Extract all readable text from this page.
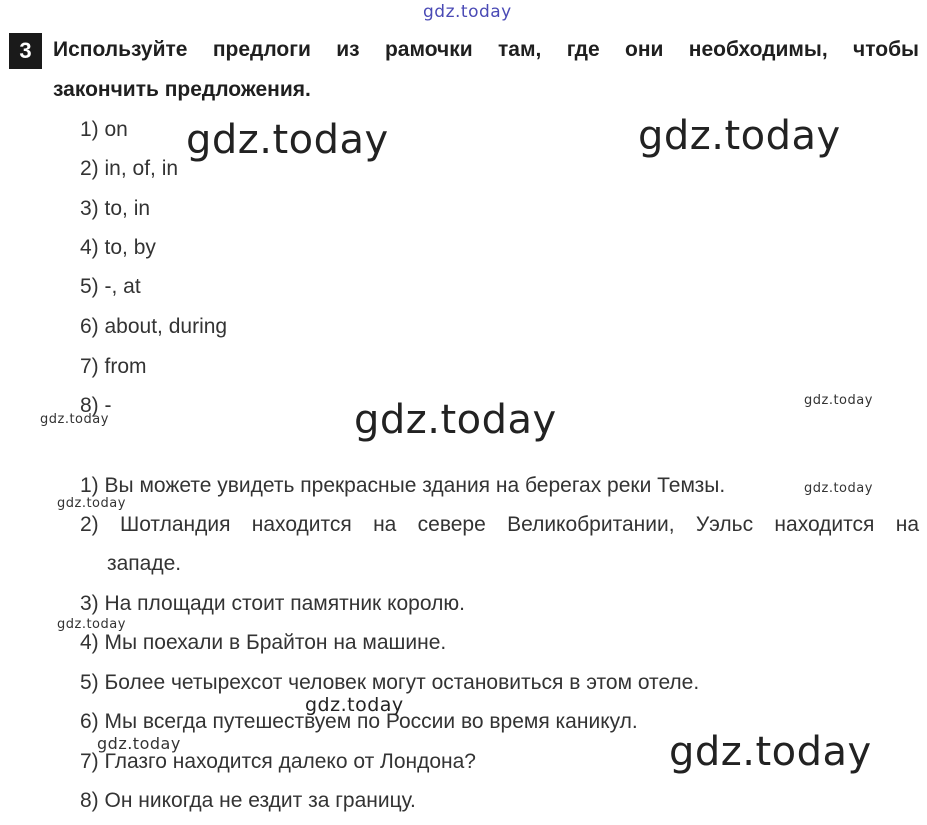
3	Используйте предлоги из рамочки там, где они необходимы, чтобы
закончить предложения.
1) on
2) in, of, in
3) to, in
4) to, by
5) -, at
6) about, during
7) from
8) -
1) Вы можете увидеть прекрасные здания на берегах реки Темзы.
2) Шотландия находится на севере Великобритании, Уэльс находится на
западе.
3) На площади стоит памятник королю.
4) Мы поехали в Брайтон на машине.
5) Более четырехсот человек могут остановиться в этом отеле.
6) Мы всегда путешествуем по России во время каникул.
7) Глазго находится далеко от Лондона?
8) Он никогда не ездит за границу.
gdz.today
gdz.today	gdz.today
gdz.today
gdz.today
gdz.today
gdz.today
gdz.today
gdz.today
gdz.today
gdz.today
gdz.today
